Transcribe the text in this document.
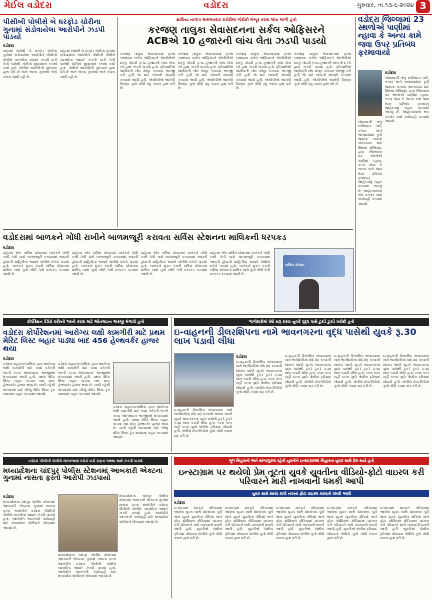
મેઈલ વડોદરા	વડોદરા	ગુરુવાર, તા.૧૩-૬-૨૦૨૪ 3
પીસીબી પોલીસે બે ઘરફોડ ચોરીના ગુનામાં સંડોવાયેલા આરોપીને ઝડપી પાડયો
વડોદરા
શહેરમાં થયેલી બે ઘરફોડ ચોરીના ગુનામાં સંડોવાયેલા આરોપીને પીસીબી પોલીસે બાતમીના આધારે ઝડપી પાડી તેની પાસેથી ચોરીનો મુદ્દામાલ કબજે કર્યો હતો. પોલીસે આરોપીની પૂછપરછ હાથ ધરી છે અને અન્ય ગુનાઓ અંગે તપાસ ચાલી રહી છે.
શહેરમાં થયેલી બે ઘરફોડ ચોરીના ગુનામાં સંડોવાયેલા આરોપીને પીસીબી પોલીસે બાતમીના આધારે ઝડપી પાડી તેની પાસેથી ચોરીનો મુદ્દામાલ કબજે કર્યો હતો. પોલીસે આરોપીની પૂછપરછ હાથ ધરી છે અને અન્ય ગુનાઓ અંગે તપાસ ચાલી રહી છે.
સાંધિયા નાગાપ મામલતદાર કચેરીમાં જેરોકી મંજૂર કરવા લાંચ માગી હતી
કરજણ તાલુકા સેવાસદનના સર્કલ ઓફિસરને
ACBએ 10 હજારની લાંચ લેતા ઝડપી પાડયો
કરજણ તાલુકા સેવાસદનમાં ફરજ બજાવતા સર્કલ ઓફિસરને એસીબીએ છટકું ગોઠવી રૂ.૧૦ હજારની લાંચ લેતા રંગે હાથ ઝડપી પાડયો હતો. ફરિયાદીએ જમીનની નોંધ મંજૂર કરાવવા અરજી કરી હતી જે માટે લાંચની માંગણી કરવામાં આવી હતી. એસીબીએ આરોપી વિરુદ્ધ ગુનો નોંધી વધુ તપાસ હાથ ધરી છે.
કરજણ તાલુકા સેવાસદનમાં ફરજ બજાવતા સર્કલ ઓફિસરને એસીબીએ છટકું ગોઠવી રૂ.૧૦ હજારની લાંચ લેતા રંગે હાથ ઝડપી પાડયો હતો. ફરિયાદીએ જમીનની નોંધ મંજૂર કરાવવા અરજી કરી હતી જે માટે લાંચની માંગણી કરવામાં આવી હતી. એસીબીએ આરોપી વિરુદ્ધ ગુનો નોંધી વધુ તપાસ હાથ ધરી છે.
કરજણ તાલુકા સેવાસદનમાં ફરજ બજાવતા સર્કલ ઓફિસરને એસીબીએ છટકું ગોઠવી રૂ.૧૦ હજારની લાંચ લેતા રંગે હાથ ઝડપી પાડયો હતો. ફરિયાદીએ જમીનની નોંધ મંજૂર કરાવવા અરજી કરી હતી જે માટે લાંચની માંગણી કરવામાં આવી હતી. એસીબીએ આરોપી વિરુદ્ધ ગુનો નોંધી વધુ તપાસ હાથ ધરી છે.
કરજણ તાલુકા સેવાસદનમાં ફરજ બજાવતા સર્કલ ઓફિસરને એસીબીએ છટકું ગોઠવી રૂ.૧૦ હજારની લાંચ લેતા રંગે હાથ ઝડપી પાડયો હતો. ફરિયાદીએ જમીનની નોંધ મંજૂર કરાવવા અરજી કરી હતી જે માટે લાંચની માંગણી કરવામાં આવી હતી. એસીબીએ આરોપી વિરુદ્ધ ગુનો નોંધી વધુ તપાસ હાથ ધરી છે.
વડોદરા જિલ્લામાં 23 સ્થળોએ પાણીમાં ન્હાવા કે અન્ય કામે જવા ઉપર પ્રતિબંધ ફરમાવાયો
વડોદરા
ચોમાસાની ઋતુ દરમિયાન નદી, તળાવ અને જળાશયોમાં ડૂબી જવાના બનાવો અટકાવવા માટે જિલ્લા મેજિસ્ટ્રેટ દ્વારા જિલ્લાના ૨૩ સ્થળોએ પાણીમાં ન્હાવા, કપડાં ધોવા કે અન્ય કામે જવા ઉપર પ્રતિબંધ ફરમાવતું જાહેરનામું બહાર પાડવામાં આવ્યું છે. જાહેરનામાનો ભંગ કરનાર સામે કાર્યવાહી કરવામાં આવશે.
ચોમાસાની ઋતુ દરમિયાન નદી, તળાવ અને જળાશયોમાં ડૂબી જવાના બનાવો અટકાવવા માટે જિલ્લા મેજિસ્ટ્રેટ દ્વારા જિલ્લાના ૨૩ સ્થળોએ પાણીમાં ન્હાવા, કપડાં ધોવા કે અન્ય કામે જવા ઉપર પ્રતિબંધ ફરમાવતું જાહેરનામું બહાર પાડવામાં આવ્યું છે. જાહેરનામાનો ભંગ કરનાર સામે કાર્યવાહી કરવામાં આવશે.
વડોદરામાં બાળકને ગોંધી રાખીને બાળમજૂરી કરાવતા સર્વિસ સ્ટેશનના માલિકની ધરપકડ
વડોદરા
શહેરના એક સર્વિસ સ્ટેશનમાં બાળકને ગોંધી રાખી તેની પાસે બાળમજૂરી કરાવવામાં આવતી હોવાની માહિતીના આધારે પોલીસે દરોડો પાડયો હતો. બાળકને મુક્ત કરાવી સર્વિસ સ્ટેશનના માલિક સામે ગુનો નોંધી તેની ધરપકડ કરવામાં આવી છે.
શહેરના એક સર્વિસ સ્ટેશનમાં બાળકને ગોંધી રાખી તેની પાસે બાળમજૂરી કરાવવામાં આવતી હોવાની માહિતીના આધારે પોલીસે દરોડો પાડયો હતો. બાળકને મુક્ત કરાવી સર્વિસ સ્ટેશનના માલિક સામે ગુનો નોંધી તેની ધરપકડ કરવામાં આવી છે.
શહેરના એક સર્વિસ સ્ટેશનમાં બાળકને ગોંધી રાખી તેની પાસે બાળમજૂરી કરાવવામાં આવતી હોવાની માહિતીના આધારે પોલીસે દરોડો પાડયો હતો. બાળકને મુક્ત કરાવી સર્વિસ સ્ટેશનના માલિક સામે ગુનો નોંધી તેની ધરપકડ કરવામાં આવી છે.
શહેરના એક સર્વિસ સ્ટેશનમાં બાળકને ગોંધી રાખી તેની પાસે બાળમજૂરી કરાવવામાં આવતી હોવાની માહિતીના આધારે પોલીસે દરોડો પાડયો હતો. બાળકને મુક્ત કરાવી સર્વિસ સ્ટેશનના માલિક સામે ગુનો નોંધી તેની ધરપકડ કરવામાં આવી છે.
સર્વિસ સ્ટેશન
કોર્પોરેશન 554 વર્કરની ભરતી કરવા માટે ઓનલાઇન અરજી મંગાવી હતી
વડોદરા કોર્પોરેશનમાં આરોગ્ય લક્ષી કામગીરી માટે પ્રથમ મેરિટ લિસ્ટ બહાર પાડ્યા બાદ 456 હેલ્થવર્કર હાજર થયા
વડોદરા
વડોદરા મહાનગરપાલિકા દ્વારા આરોગ્ય લક્ષી કામગીરી માટે ૫૫૪ વર્કરની ભરતી કરવા ઓનલાઇન અરજીઓ મંગાવવામાં આવી હતી. પ્રથમ મેરિટ લિસ્ટ બહાર પાડયા બાદ ૪૫૬ હેલ્થવર્કર હાજર થયા છે. બાકી રહેલી જગ્યાઓ માટે બીજું મેરિટ લિસ્ટ ટૂંક સમયમાં બહાર પાડવામાં આવશે.
વડોદરા મહાનગરપાલિકા દ્વારા આરોગ્ય લક્ષી કામગીરી માટે ૫૫૪ વર્કરની ભરતી કરવા ઓનલાઇન અરજીઓ મંગાવવામાં આવી હતી. પ્રથમ મેરિટ લિસ્ટ બહાર પાડયા બાદ ૪૫૬ હેલ્થવર્કર હાજર થયા છે. બાકી રહેલી જગ્યાઓ માટે બીજું મેરિટ લિસ્ટ ટૂંક સમયમાં બહાર પાડવામાં આવશે.
વડોદરા મહાનગરપાલિકા દ્વારા આરોગ્ય લક્ષી કામગીરી માટે ૫૫૪ વર્કરની ભરતી કરવા ઓનલાઇન અરજીઓ મંગાવવામાં આવી હતી. પ્રથમ મેરિટ લિસ્ટ બહાર પાડયા બાદ ૪૫૬ હેલ્થવર્કર હાજર થયા છે. બાકી રહેલી જગ્યાઓ માટે બીજું મેરિટ લિસ્ટ ટૂંક સમયમાં બહાર પાડવામાં આવશે.
ભાગીદારીમાં ધંધો શરૂ કરવા યુવકે વૃદ્ધ પાસે ટુકડે ટુકડે ખરીદી હતી
ઇ-વાહનની ડીલરશિપના નામે ભાવનગરના વૃદ્ધ પાસેથી યુવકે રૂ.30 લાખ પડાવી લીધા
વડોદરા
ઇ-વાહનની ડીલરશિપ અપાવવાના નામે ભાગીદારીમાં ધંધો શરૂ કરવાની લાલચ આપી યુવકે ભાવનગરના વૃદ્ધ પાસેથી ટુકડે ટુકડે રૂ.૩૦ લાખ પડાવી લીધા હતા. રકમ પરત નહીં કરતા વૃદ્ધે પોલીસ ફરિયાદ નોંધાવી હતી. પોલીસે છેતરપિંડીનો ગુનો નોંધી તપાસ શરૂ કરી છે.
ઇ-વાહનની ડીલરશિપ અપાવવાના નામે ભાગીદારીમાં ધંધો શરૂ કરવાની લાલચ આપી યુવકે ભાવનગરના વૃદ્ધ પાસેથી ટુકડે ટુકડે રૂ.૩૦ લાખ પડાવી લીધા હતા. રકમ પરત નહીં કરતા વૃદ્ધે પોલીસ ફરિયાદ નોંધાવી હતી. પોલીસે છેતરપિંડીનો ગુનો નોંધી તપાસ શરૂ કરી છે.
ઇ-વાહનની ડીલરશિપ અપાવવાના નામે ભાગીદારીમાં ધંધો શરૂ કરવાની લાલચ આપી યુવકે ભાવનગરના વૃદ્ધ પાસેથી ટુકડે ટુકડે રૂ.૩૦ લાખ પડાવી લીધા હતા. રકમ પરત નહીં કરતા વૃદ્ધે પોલીસ ફરિયાદ નોંધાવી હતી. પોલીસે છેતરપિંડીનો ગુનો નોંધી તપાસ શરૂ કરી છે.
ઇ-વાહનની ડીલરશિપ અપાવવાના નામે ભાગીદારીમાં ધંધો શરૂ કરવાની લાલચ આપી યુવકે ભાવનગરના વૃદ્ધ પાસેથી ટુકડે ટુકડે રૂ.૩૦ લાખ પડાવી લીધા હતા. રકમ પરત નહીં કરતા વૃદ્ધે પોલીસ ફરિયાદ નોંધાવી હતી. પોલીસે છેતરપિંડીનો ગુનો નોંધી તપાસ શરૂ કરી છે.
ઇ-વાહનની ડીલરશિપ અપાવવાના નામે ભાગીદારીમાં ધંધો શરૂ કરવાની લાલચ આપી યુવકે ભાવનગરના વૃદ્ધ પાસેથી ટુકડે ટુકડે રૂ.૩૦ લાખ પડાવી લીધા હતા. રકમ પરત નહીં કરતા વૃદ્ધે પોલીસ ફરિયાદ નોંધાવી હતી. પોલીસે છેતરપિંડીનો ગુનો નોંધી તપાસ શરૂ કરી છે.
વડોદરા પીસીબી પોલીસે તાંદલજામાં દરોડો પાડી દારૂના જથ્થા સાથે ઝડપી પાડ્યો
મધ્યપ્રદેશના ચાંદપુર પોલીસ સ્ટેશનમાં આબકારી એક્ટના ગુનામાં નાસતા ફરતો આરોપી ઝડપાયો
વડોદરા
મધ્યપ્રદેશના ચાંદપુર પોલીસ સ્ટેશનમાં આબકારી એક્ટના ગુનામાં નાસતા ફરતા આરોપીને વડોદરા પીસીબી પોલીસે બાતમીના આધારે ઝડપી પાડયો હતો. આરોપીને આગળની કાર્યવાહી માટે મધ્યપ્રદેશ પોલીસને સોંપવામાં આવ્યો છે.
મધ્યપ્રદેશના ચાંદપુર પોલીસ સ્ટેશનમાં આબકારી એક્ટના ગુનામાં નાસતા ફરતા આરોપીને વડોદરા પીસીબી પોલીસે બાતમીના આધારે ઝડપી પાડયો હતો. આરોપીને આગળની કાર્યવાહી માટે મધ્યપ્રદેશ પોલીસને સોંપવામાં આવ્યો છે.
મધ્યપ્રદેશના ચાંદપુર પોલીસ સ્ટેશનમાં આબકારી એક્ટના ગુનામાં નાસતા ફરતા આરોપીને વડોદરા પીસીબી પોલીસે બાતમીના આધારે ઝડપી પાડયો હતો. આરોપીને આગળની કાર્યવાહી માટે મધ્યપ્રદેશ પોલીસને સોંપવામાં આવ્યો છે.
મૂળ બિહારની અને સાંજાપુરમાં રહેતી યુવતીને ઇન્સ્ટાગ્રામમાં બિહારના યુવક સાથે પ્રેમ થયો હતો
ઇન્સ્ટાગ્રામ પર થયેલો પ્રેમ તૂટતા યુવકે યુવતીના વીડિયો-ફોટો વાઇરલ કરી પરિવારને મારી નાખવાની ધમકી આપી
યુવક સાથે સંબંધ કાપી નાખતાં ફોટા વાઇરલ કરવાની ધમકી આપી
વડોદરા
ઇન્સ્ટાગ્રામ મારફતે પરિચયમાં આવેલા યુવક સાથે પ્રેમસંબંધ તૂટી જતાં યુવકે યુવતીના વીડિયો અને ફોટા સોશિયલ મીડિયામાં વાઇરલ કરી પરિવારને મારી નાખવાની ધમકી આપી હતી. યુવતીએ પોલીસ ફરિયાદ નોંધાવતા પોલીસે ગુનો નોંધી તપાસ હાથ ધરી છે.
ઇન્સ્ટાગ્રામ મારફતે પરિચયમાં આવેલા યુવક સાથે પ્રેમસંબંધ તૂટી જતાં યુવકે યુવતીના વીડિયો અને ફોટા સોશિયલ મીડિયામાં વાઇરલ કરી પરિવારને મારી નાખવાની ધમકી આપી હતી. યુવતીએ પોલીસ ફરિયાદ નોંધાવતા પોલીસે ગુનો નોંધી તપાસ હાથ ધરી છે.
ઇન્સ્ટાગ્રામ મારફતે પરિચયમાં આવેલા યુવક સાથે પ્રેમસંબંધ તૂટી જતાં યુવકે યુવતીના વીડિયો અને ફોટા સોશિયલ મીડિયામાં વાઇરલ કરી પરિવારને મારી નાખવાની ધમકી આપી હતી. યુવતીએ પોલીસ ફરિયાદ નોંધાવતા પોલીસે ગુનો નોંધી તપાસ હાથ ધરી છે.
ઇન્સ્ટાગ્રામ મારફતે પરિચયમાં આવેલા યુવક સાથે પ્રેમસંબંધ તૂટી જતાં યુવકે યુવતીના વીડિયો અને ફોટા સોશિયલ મીડિયામાં વાઇરલ કરી પરિવારને મારી નાખવાની ધમકી આપી હતી. યુવતીએ પોલીસ ફરિયાદ નોંધાવતા પોલીસે ગુનો નોંધી તપાસ હાથ ધરી છે.
ઇન્સ્ટાગ્રામ મારફતે પરિચયમાં આવેલા યુવક સાથે પ્રેમસંબંધ તૂટી જતાં યુવકે યુવતીના વીડિયો અને ફોટા સોશિયલ મીડિયામાં વાઇરલ કરી પરિવારને મારી નાખવાની ધમકી આપી હતી. યુવતીએ પોલીસ ફરિયાદ નોંધાવતા પોલીસે ગુનો નોંધી તપાસ હાથ ધરી છે.
